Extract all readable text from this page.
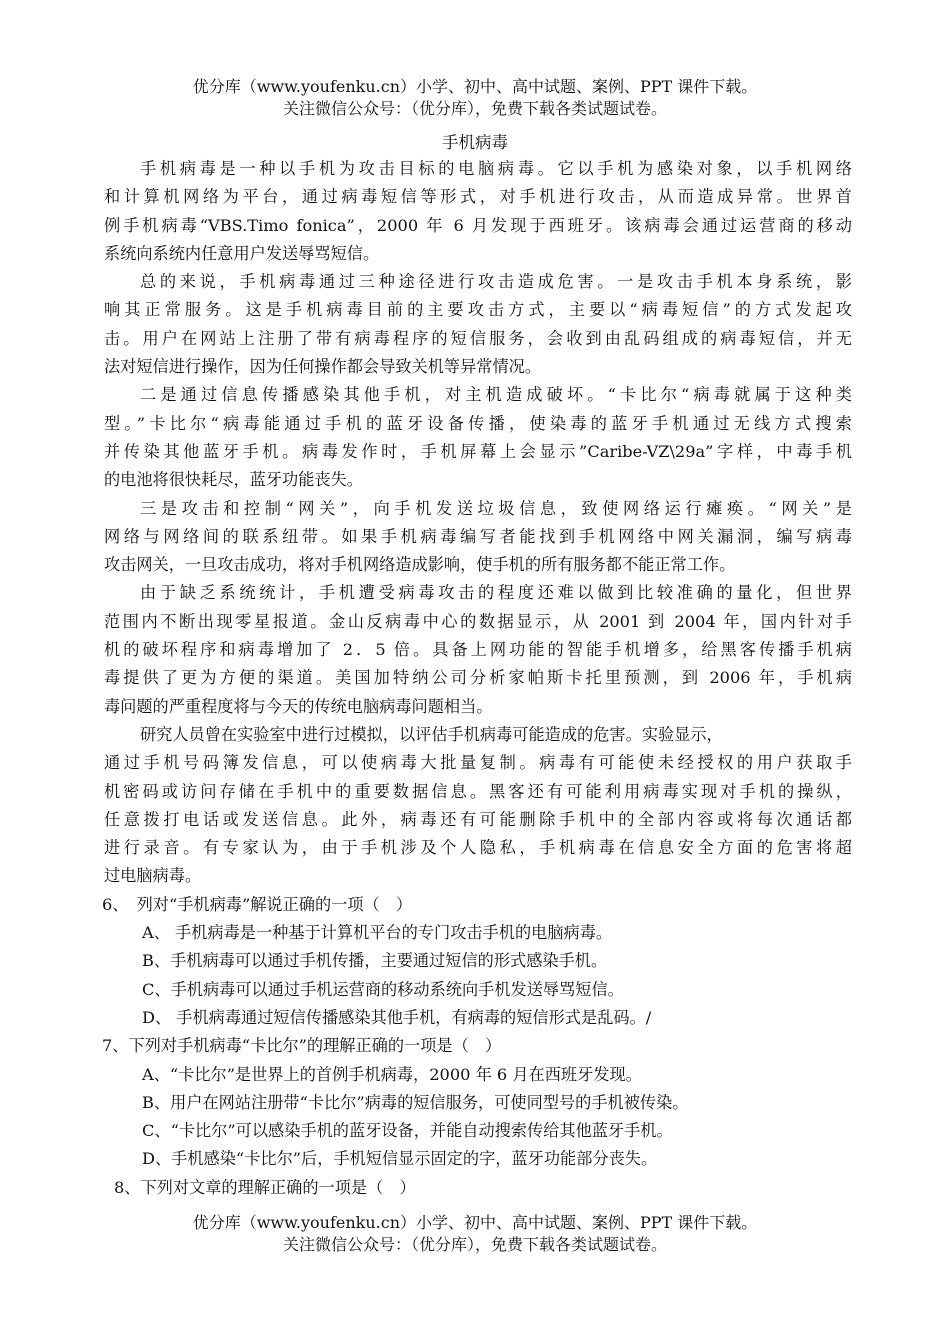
优分库（www.youfenku.cn）小学、初中、高中试题、案例、PPT 课件下载。
关注微信公众号：（优分库），免费下载各类试题试卷。
手机病毒
手机病毒是一种以手机为攻击目标的电脑病毒。它以手机为感染对象，以手机网络
和计算机网络为平台，通过病毒短信等形式，对手机进行攻击，从而造成异常。世界首
例手机病毒“VBS.Timo fonica”，2000 年 6 月发现于西班牙。该病毒会通过运营商的移动
系统向系统内任意用户发送辱骂短信。
总的来说，手机病毒通过三种途径进行攻击造成危害。一是攻击手机本身系统，影
响其正常服务。这是手机病毒目前的主要攻击方式，主要以“病毒短信”的方式发起攻
击。用户在网站上注册了带有病毒程序的短信服务，会收到由乱码组成的病毒短信，并无
法对短信进行操作，因为任何操作都会导致关机等异常情况。
二是通过信息传播感染其他手机，对主机造成破坏。“卡比尔“病毒就属于这种类
型。”卡比尔“病毒能通过手机的蓝牙设备传播，使染毒的蓝牙手机通过无线方式搜索
并传染其他蓝牙手机。病毒发作时，手机屏幕上会显示”Caribe-VZ\29a”字样，中毒手机
的电池将很快耗尽，蓝牙功能丧失。
三是攻击和控制“网关”，向手机发送垃圾信息，致使网络运行瘫痪。“网关”是
网络与网络间的联系纽带。如果手机病毒编写者能找到手机网络中网关漏洞，编写病毒
攻击网关，一旦攻击成功，将对手机网络造成影响，使手机的所有服务都不能正常工作。
由于缺乏系统统计，手机遭受病毒攻击的程度还难以做到比较准确的量化，但世界
范围内不断出现零星报道。金山反病毒中心的数据显示，从 2001 到 2004 年，国内针对手
机的破坏程序和病毒增加了 2．5 倍。具备上网功能的智能手机增多，给黑客传播手机病
毒提供了更为方便的渠道。美国加特纳公司分析家帕斯卡托里预测，到 2006 年，手机病
毒问题的严重程度将与今天的传统电脑病毒问题相当。
研究人员曾在实验室中进行过模拟，以评估手机病毒可能造成的危害。实验显示，
通过手机号码簿发信息，可以使病毒大批量复制。病毒有可能使未经授权的用户获取手
机密码或访问存储在手机中的重要数据信息。黑客还有可能利用病毒实现对手机的操纵，
任意拨打电话或发送信息。此外，病毒还有可能删除手机中的全部内容或将每次通话都
进行录音。有专家认为，由于手机涉及个人隐私，手机病毒在信息安全方面的危害将超
过电脑病毒。
6、　列对“手机病毒”解说正确的一项（　）
A、 手机病毒是一种基于计算机平台的专门攻击手机的电脑病毒。
B、手机病毒可以通过手机传播，主要通过短信的形式感染手机。
C、手机病毒可以通过手机运营商的移动系统向手机发送辱骂短信。
D、 手机病毒通过短信传播感染其他手机，有病毒的短信形式是乱码。/
7、下列对手机病毒“卡比尔”的理解正确的一项是（　）
A、“卡比尔”是世界上的首例手机病毒，2000 年 6 月在西班牙发现。
B、用户在网站注册带“卡比尔”病毒的短信服务，可使同型号的手机被传染。
C、“卡比尔”可以感染手机的蓝牙设备，并能自动搜索传给其他蓝牙手机。
D、手机感染“卡比尔”后，手机短信显示固定的字，蓝牙功能部分丧失。
8、下列对文章的理解正确的一项是（　）
优分库（www.youfenku.cn）小学、初中、高中试题、案例、PPT 课件下载。
关注微信公众号：（优分库），免费下载各类试题试卷。
